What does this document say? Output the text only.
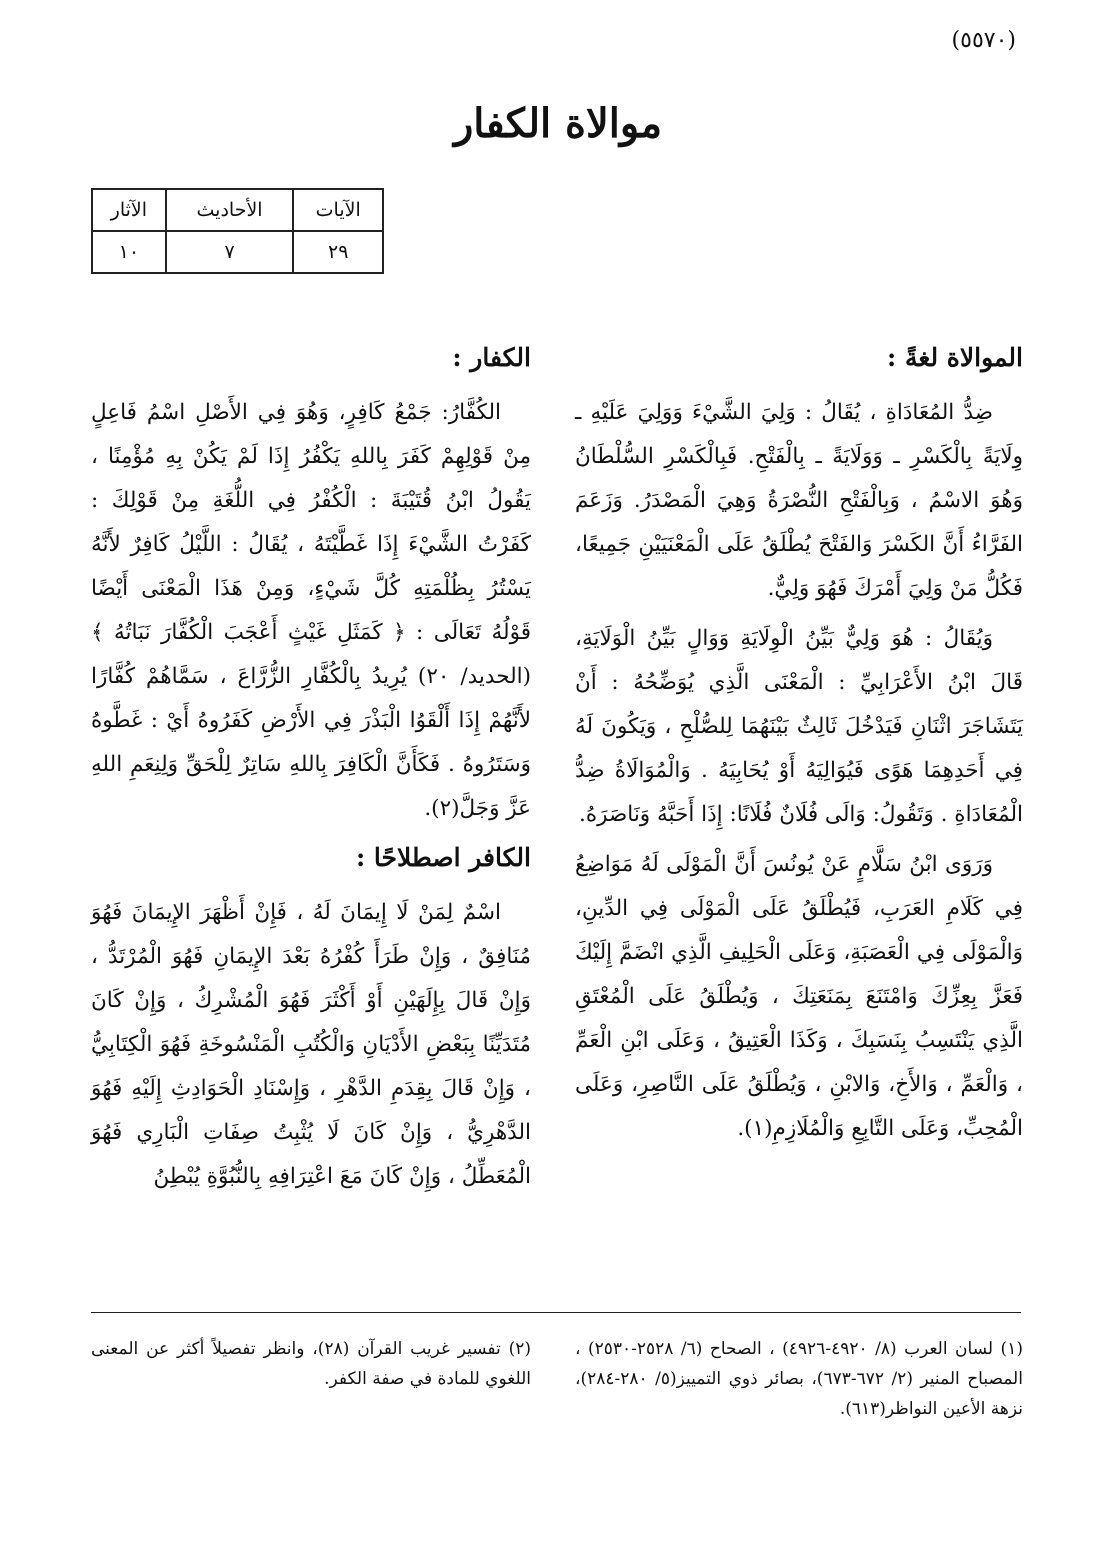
(٥٥٧٠)
موالاة الكفار
الآيات	الأحاديث	الآثار
٢٩	٧	١٠
الموالاة لغةً :

ضِدُّ المُعَادَاةِ ، يُقَالُ : وَلِيَ الشَّيْءَ وَوَلِيَ عَلَيْهِ ـ وِلَايَةً بِالْكَسْرِ ـ وَوَلَايَةً ـ بِالْفَتْحِ. فَبِالْكَسْرِ السُّلْطَانُ وَهُوَ الاسْمُ ، وَبِالْفَتْحِ النُّصْرَةُ وَهِيَ الْمَصْدَرُ. وَزَعَمَ الفَرَّاءُ أَنَّ الكَسْرَ وَالفَتْحَ يُطْلَقُ عَلَى الْمَعْنَيَيْنِ جَمِيعًا، فَكُلُّ مَنْ وَلِيَ أَمْرَكَ فَهُوَ وَلِيٌّ.

وَيُقَالُ : هُوَ وَلِيٌّ بَيِّنُ الْوِلَايَةِ وَوَالٍ بَيِّنُ الْوَلَايَةِ، قَالَ ابْنُ الأَعْرَابِيِّ : الْمَعْنَى الَّذِي يُوَضِّحُهُ : أَنْ يَتَشَاجَرَ اثْنَانِ فَيَدْخُلَ ثَالِثٌ بَيْنَهُمَا لِلصُّلْحِ ، وَيَكُونَ لَهُ فِي أَحَدِهِمَا هَوًى فَيُوَالِيَهُ أَوْ يُحَابِيَهُ . وَالْمُوَالَاةُ ضِدُّ الْمُعَادَاةِ . وَتَقُولُ: وَالَى فُلَانٌ فُلَانًا: إِذَا أَحَبَّهُ وَنَاصَرَهُ.

وَرَوَى ابْنُ سَلَّامٍ عَنْ يُونُسَ أَنَّ الْمَوْلَى لَهُ مَوَاضِعُ فِي كَلَامِ العَرَبِ، فَيُطْلَقُ عَلَى الْمَوْلَى فِي الدِّينِ، وَالْمَوْلَى فِي الْعَصَبَةِ، وَعَلَى الْحَلِيفِ الَّذِي انْضَمَّ إِلَيْكَ فَعَزَّ بِعِزِّكَ وَامْتَنَعَ بِمَنَعَتِكَ ، وَيُطْلَقُ عَلَى الْمُعْتَقِ الَّذِي يَنْتَسِبُ بِنَسَبِكَ ، وَكَذَا الْعَتِيقُ ، وَعَلَى ابْنِ الْعَمِّ ، وَالْعَمِّ ، وَالأَخِ، وَالابْنِ ، وَيُطْلَقُ عَلَى النَّاصِرِ، وَعَلَى الْمُحِبِّ، وَعَلَى التَّابِعِ وَالْمُلَازِمِ(١).

الكفار :

الكُفَّارُ: جَمْعُ كَافِرٍ، وَهُوَ فِي الأَصْلِ اسْمُ فَاعِلٍ مِنْ قَوْلِهِمْ كَفَرَ بِاللهِ يَكْفُرُ إِذَا لَمْ يَكُنْ بِهِ مُؤْمِنًا ، يَقُولُ ابْنُ قُتَيْبَةَ : الْكُفْرُ فِي اللُّغَةِ مِنْ قَوْلِكَ : كَفَرْتُ الشَّيْءَ إِذَا غَطَّيْتَهُ ، يُقَالُ : اللَّيْلُ كَافِرٌ لأَنَّهُ يَسْتُرُ بِظُلْمَتِهِ كُلَّ شَيْءٍ، وَمِنْ هَذَا الْمَعْنَى أَيْضًا قَوْلُهُ تَعَالَى : ﴿ كَمَثَلِ غَيْثٍ أَعْجَبَ الْكُفَّارَ نَبَاتُهُ ﴾ (الحديد/ ٢٠) يُرِيدُ بِالْكُفَّارِ الزُّرَّاعَ ، سَمَّاهُمْ كُفَّارًا لأَنَّهُمْ إِذَا أَلْقَوُا الْبَذْرَ فِي الأَرْضِ كَفَرُوهُ أَيْ : غَطَّوهُ وَسَتَرُوهُ . فَكَأَنَّ الْكَافِرَ بِاللهِ سَاتِرٌ لِلْحَقِّ وَلِنِعَمِ اللهِ عَزَّ وَجَلَّ(٢).

الكافر اصطلاحًا :

اسْمٌ لِمَنْ لَا إِيمَانَ لَهُ ، فَإِنْ أَظْهَرَ الإِيمَانَ فَهُوَ مُنَافِقٌ ، وَإِنْ طَرَأَ كُفْرُهُ بَعْدَ الإِيمَانِ فَهُوَ الْمُرْتَدُّ ، وَإِنْ قَالَ بِإِلَهَيْنِ أَوْ أَكْثَرَ فَهُوَ الْمُشْرِكُ ، وَإِنْ كَانَ مُتَدَيِّنًا بِبَعْضِ الأَدْيَانِ وَالْكُتُبِ الْمَنْسُوخَةِ فَهُوَ الْكِتَابِيُّ ، وَإِنْ قَالَ بِقِدَمِ الدَّهْرِ ، وَإِسْنَادِ الْحَوَادِثِ إِلَيْهِ فَهُوَ الدَّهْرِيُّ ، وَإِنْ كَانَ لَا يُثْبِتُ صِفَاتِ الْبَارِي فَهُوَ الْمُعَطِّلُ ، وَإِنْ كَانَ مَعَ اعْتِرَافِهِ بِالنُّبُوَّةِ يُبْطِنُ

(١) لسان العرب (٨/ ٤٩٢٠-٤٩٢٦) ، الصحاح (٦/ ٢٥٢٨-٢٥٣٠) ، المصباح المنير (٢/ ٦٧٢-٦٧٣)، بصائر ذوي التمييز(٥/ ٢٨٠-٢٨٤)، نزهة الأعين النواظر(٦١٣).
(٢) تفسير غريب القرآن (٢٨)، وانظر تفصيلاً أكثر عن المعنى اللغوي للمادة في صفة الكفر.
